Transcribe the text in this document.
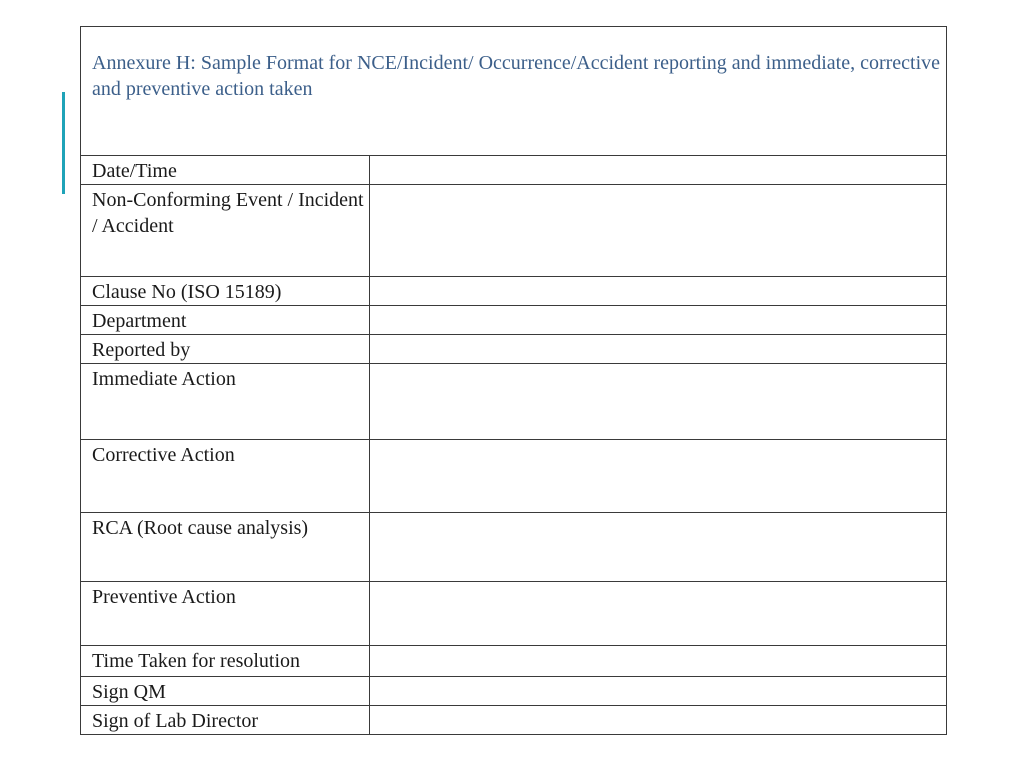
Annexure H: Sample Format for NCE/Incident/ Occurrence/Accident reporting and immediate, corrective and preventive action taken	
Date/Time	
Non-Conforming Event / Incident / Accident	
Clause No (ISO 15189)	
Department	
Reported by	
Immediate Action	
Corrective Action	
RCA (Root cause analysis)	
Preventive Action	
Time Taken for resolution	
Sign QM	
Sign of Lab Director	
